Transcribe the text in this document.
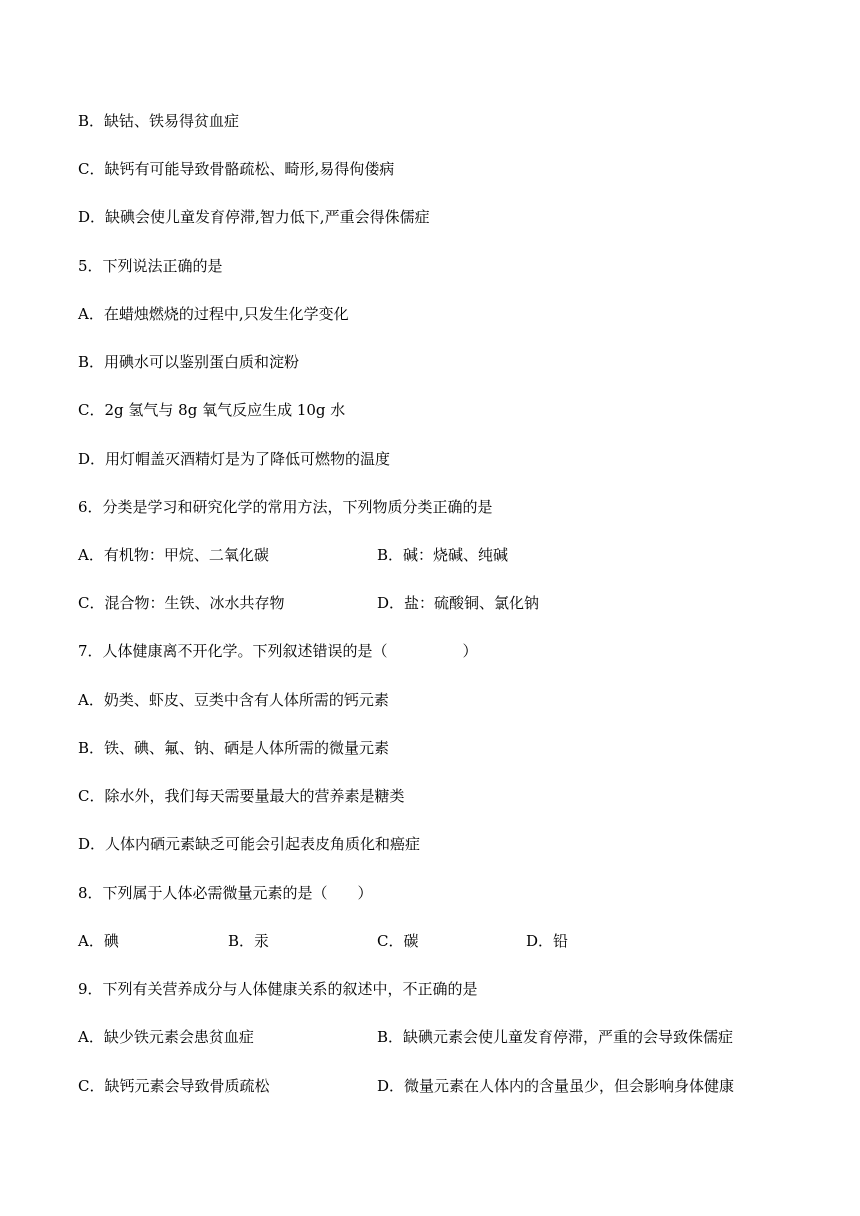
B．缺钴、铁易得贫血症
C．缺钙有可能导致骨骼疏松、畸形,易得佝偻病
D．缺碘会使儿童发育停滞,智力低下,严重会得侏儒症
5．下列说法正确的是
A．在蜡烛燃烧的过程中,只发生化学变化
B．用碘水可以鉴别蛋白质和淀粉
C．2g 氢气与 8g 氧气反应生成 10g 水
D．用灯帽盖灭酒精灯是为了降低可燃物的温度
6．分类是学习和研究化学的常用方法，下列物质分类正确的是
A．有机物：甲烷、二氧化碳	B．碱：烧碱、纯碱
C．混合物：生铁、冰水共存物	D．盐：硫酸铜、氯化钠
7．人体健康离不开化学。下列叙述错误的是（　　　　　）
A．奶类、虾皮、豆类中含有人体所需的钙元素
B．铁、碘、氟、钠、硒是人体所需的微量元素
C．除水外，我们每天需要量最大的营养素是糖类
D．人体内硒元素缺乏可能会引起表皮角质化和癌症
8．下列属于人体必需微量元素的是（　　）
A．碘	B．汞	C．碳	D．铅
9．下列有关营养成分与人体健康关系的叙述中，不正确的是
A．缺少铁元素会患贫血症	B．缺碘元素会使儿童发育停滞，严重的会导致侏儒症
C．缺钙元素会导致骨质疏松	D．微量元素在人体内的含量虽少，但会影响身体健康
